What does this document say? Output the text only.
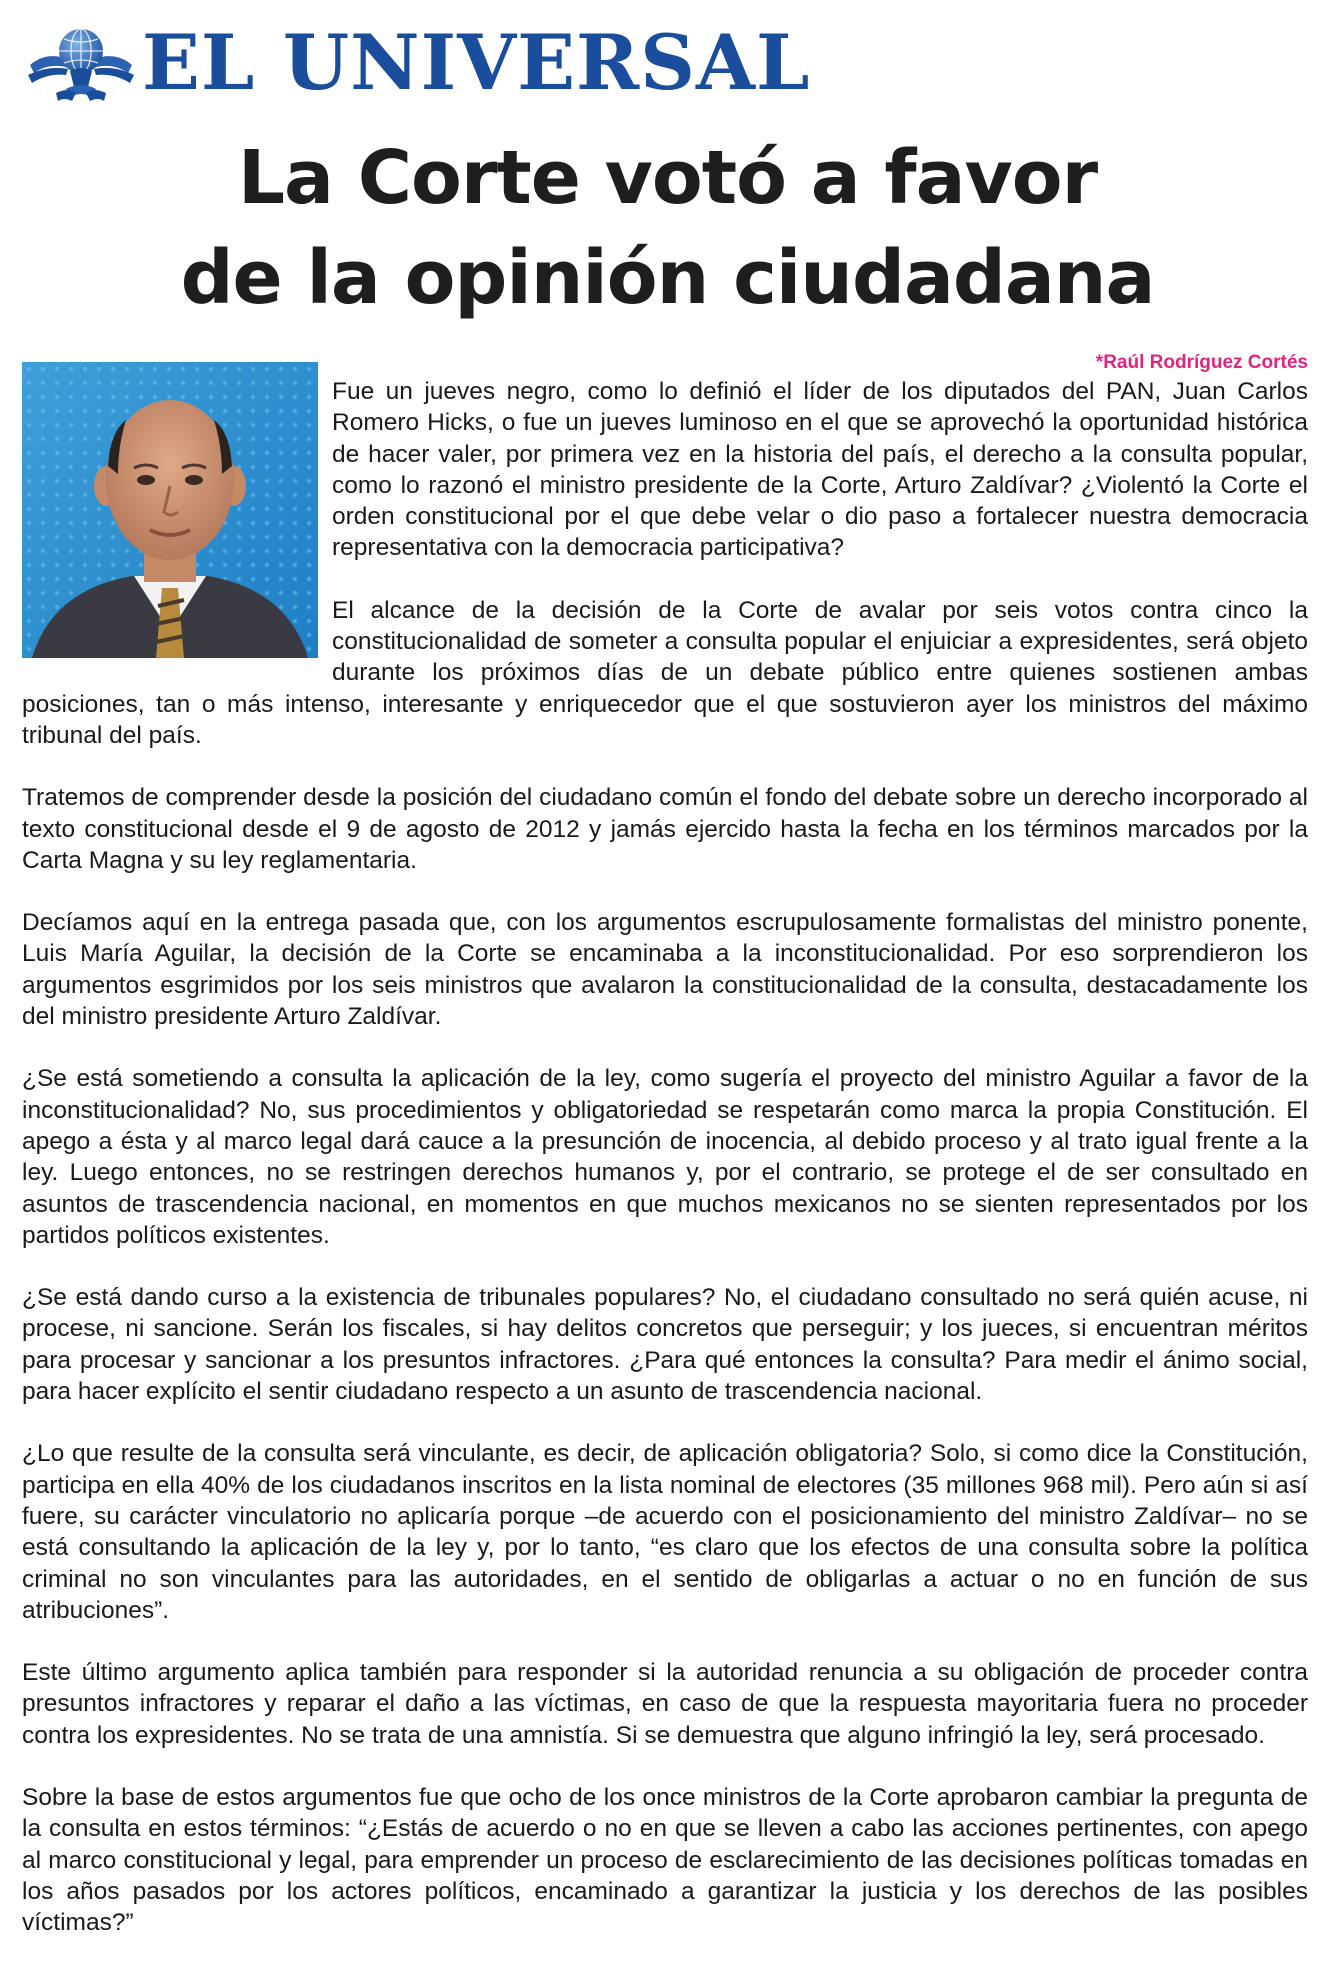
EL UNIVERSAL
La Corte votó a favor
de la opinión ciudadana

*Raúl Rodríguez Cortés

Fue un jueves negro, como lo definió el líder de los diputados del PAN, Juan Carlos Romero Hicks, o fue un jueves luminoso en el que se aprovechó la oportunidad histórica de hacer valer, por primera vez en la historia del país, el derecho a la consulta popular, como lo razonó el ministro presidente de la Corte, Arturo Zaldívar? ¿Violentó la Corte el orden constitucional por el que debe velar o dio paso a fortalecer nuestra democracia representativa con la democracia participativa?

El alcance de la decisión de la Corte de avalar por seis votos contra cinco la constitucionalidad de someter a consulta popular el enjuiciar a expresidentes, será objeto durante los próximos días de un debate público entre quienes sostienen ambas posiciones, tan o más intenso, interesante y enriquecedor que el que sostuvieron ayer los ministros del máximo tribunal del país.

Tratemos de comprender desde la posición del ciudadano común el fondo del debate sobre un derecho incorporado al texto constitucional desde el 9 de agosto de 2012 y jamás ejercido hasta la fecha en los términos marcados por la Carta Magna y su ley reglamentaria.

Decíamos aquí en la entrega pasada que, con los argumentos escrupulosamente formalistas del ministro ponente, Luis María Aguilar, la decisión de la Corte se encaminaba a la inconstitucionalidad. Por eso sorprendieron los argumentos esgrimidos por los seis ministros que avalaron la constitucionalidad de la consulta, destacadamente los del ministro presidente Arturo Zaldívar.

¿Se está sometiendo a consulta la aplicación de la ley, como sugería el proyecto del ministro Aguilar a favor de la inconstitucionalidad? No, sus procedimientos y obligatoriedad se respetarán como marca la propia Constitución. El apego a ésta y al marco legal dará cauce a la presunción de inocencia, al debido proceso y al trato igual frente a la ley. Luego entonces, no se restringen derechos humanos y, por el contrario, se protege el de ser consultado en asuntos de trascendencia nacional, en momentos en que muchos mexicanos no se sienten representados por los partidos políticos existentes.

¿Se está dando curso a la existencia de tribunales populares? No, el ciudadano consultado no será quién acuse, ni procese, ni sancione. Serán los fiscales, si hay delitos concretos que perseguir; y los jueces, si encuentran méritos para procesar y sancionar a los presuntos infractores. ¿Para qué entonces la consulta? Para medir el ánimo social, para hacer explícito el sentir ciudadano respecto a un asunto de trascendencia nacional.

¿Lo que resulte de la consulta será vinculante, es decir, de aplicación obligatoria? Solo, si como dice la Constitución, participa en ella 40% de los ciudadanos inscritos en la lista nominal de electores (35 millones 968 mil). Pero aún si así fuere, su carácter vinculatorio no aplicaría porque –de acuerdo con el posicionamiento del ministro Zaldívar– no se está consultando la aplicación de la ley y, por lo tanto, “es claro que los efectos de una consulta sobre la política criminal no son vinculantes para las autoridades, en el sentido de obligarlas a actuar o no en función de sus atribuciones”.

Este último argumento aplica también para responder si la autoridad renuncia a su obligación de proceder contra presuntos infractores y reparar el daño a las víctimas, en caso de que la respuesta mayoritaria fuera no proceder contra los expresidentes. No se trata de una amnistía. Si se demuestra que alguno infringió la ley, será procesado.

Sobre la base de estos argumentos fue que ocho de los once ministros de la Corte aprobaron cambiar la pregunta de la consulta en estos términos: “¿Estás de acuerdo o no en que se lleven a cabo las acciones pertinentes, con apego al marco constitucional y legal, para emprender un proceso de esclarecimiento de las decisiones políticas tomadas en los años pasados por los actores políticos, encaminado a garantizar la justicia y los derechos de las posibles víctimas?”
